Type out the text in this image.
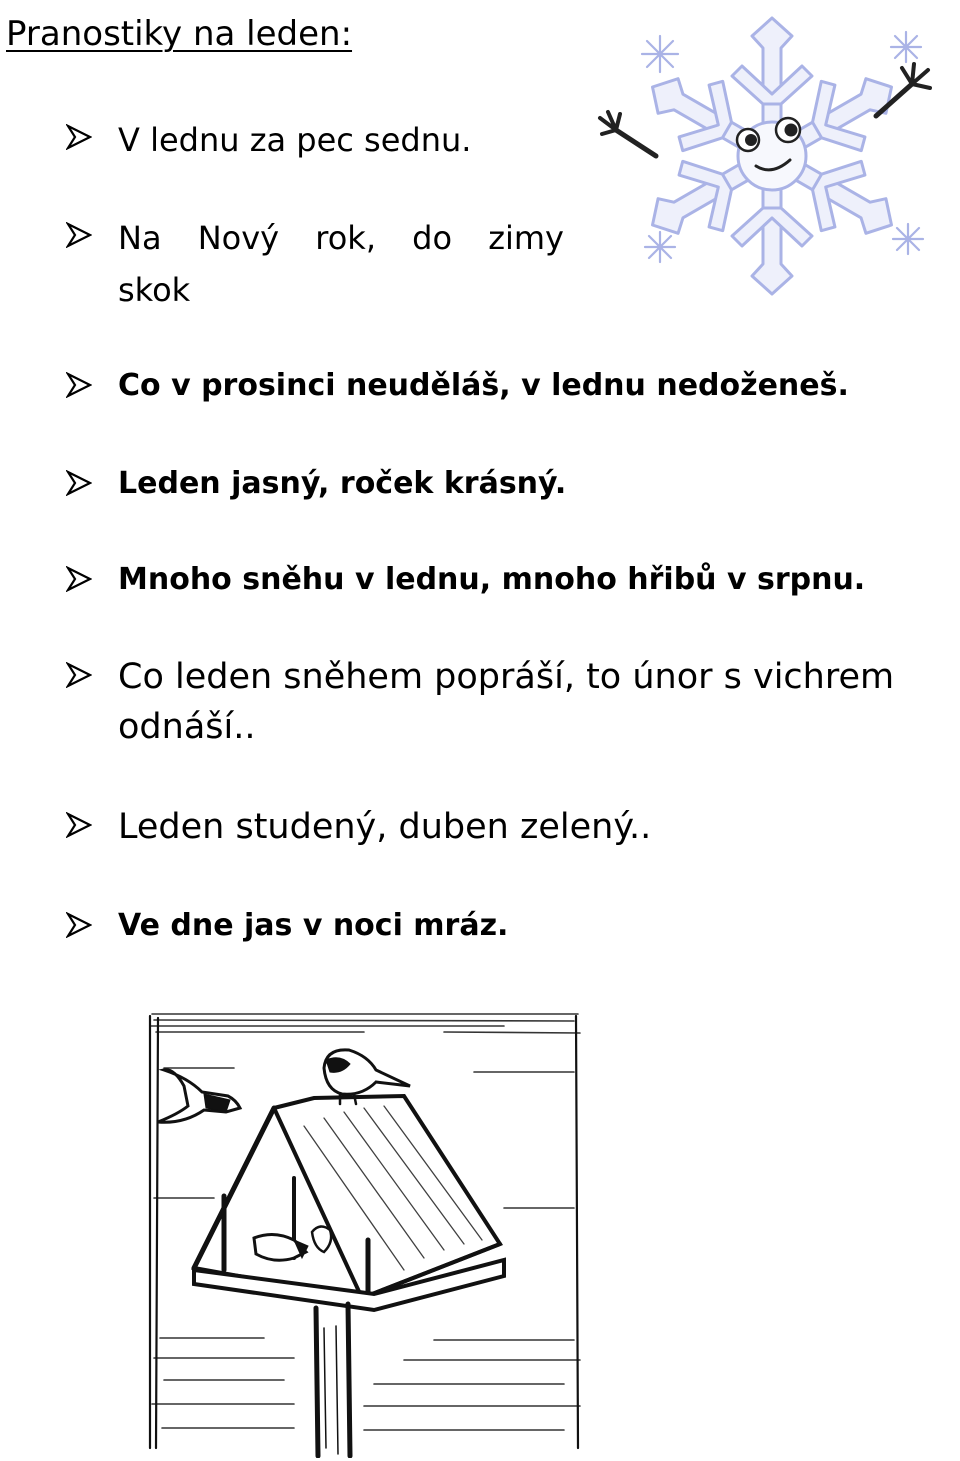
Pranostiky na leden:
V lednu za pec sednu.
Na Nový rok, do zimy
skok
Co v prosinci neuděláš, v lednu nedoženeš.
Leden jasný, roček krásný.
Mnoho sněhu v lednu, mnoho hřibů v srpnu.
Co leden sněhem popráší, to únor s vichrem
odnáší..
Leden studený, duben zelený..
Ve dne jas v noci mráz.
